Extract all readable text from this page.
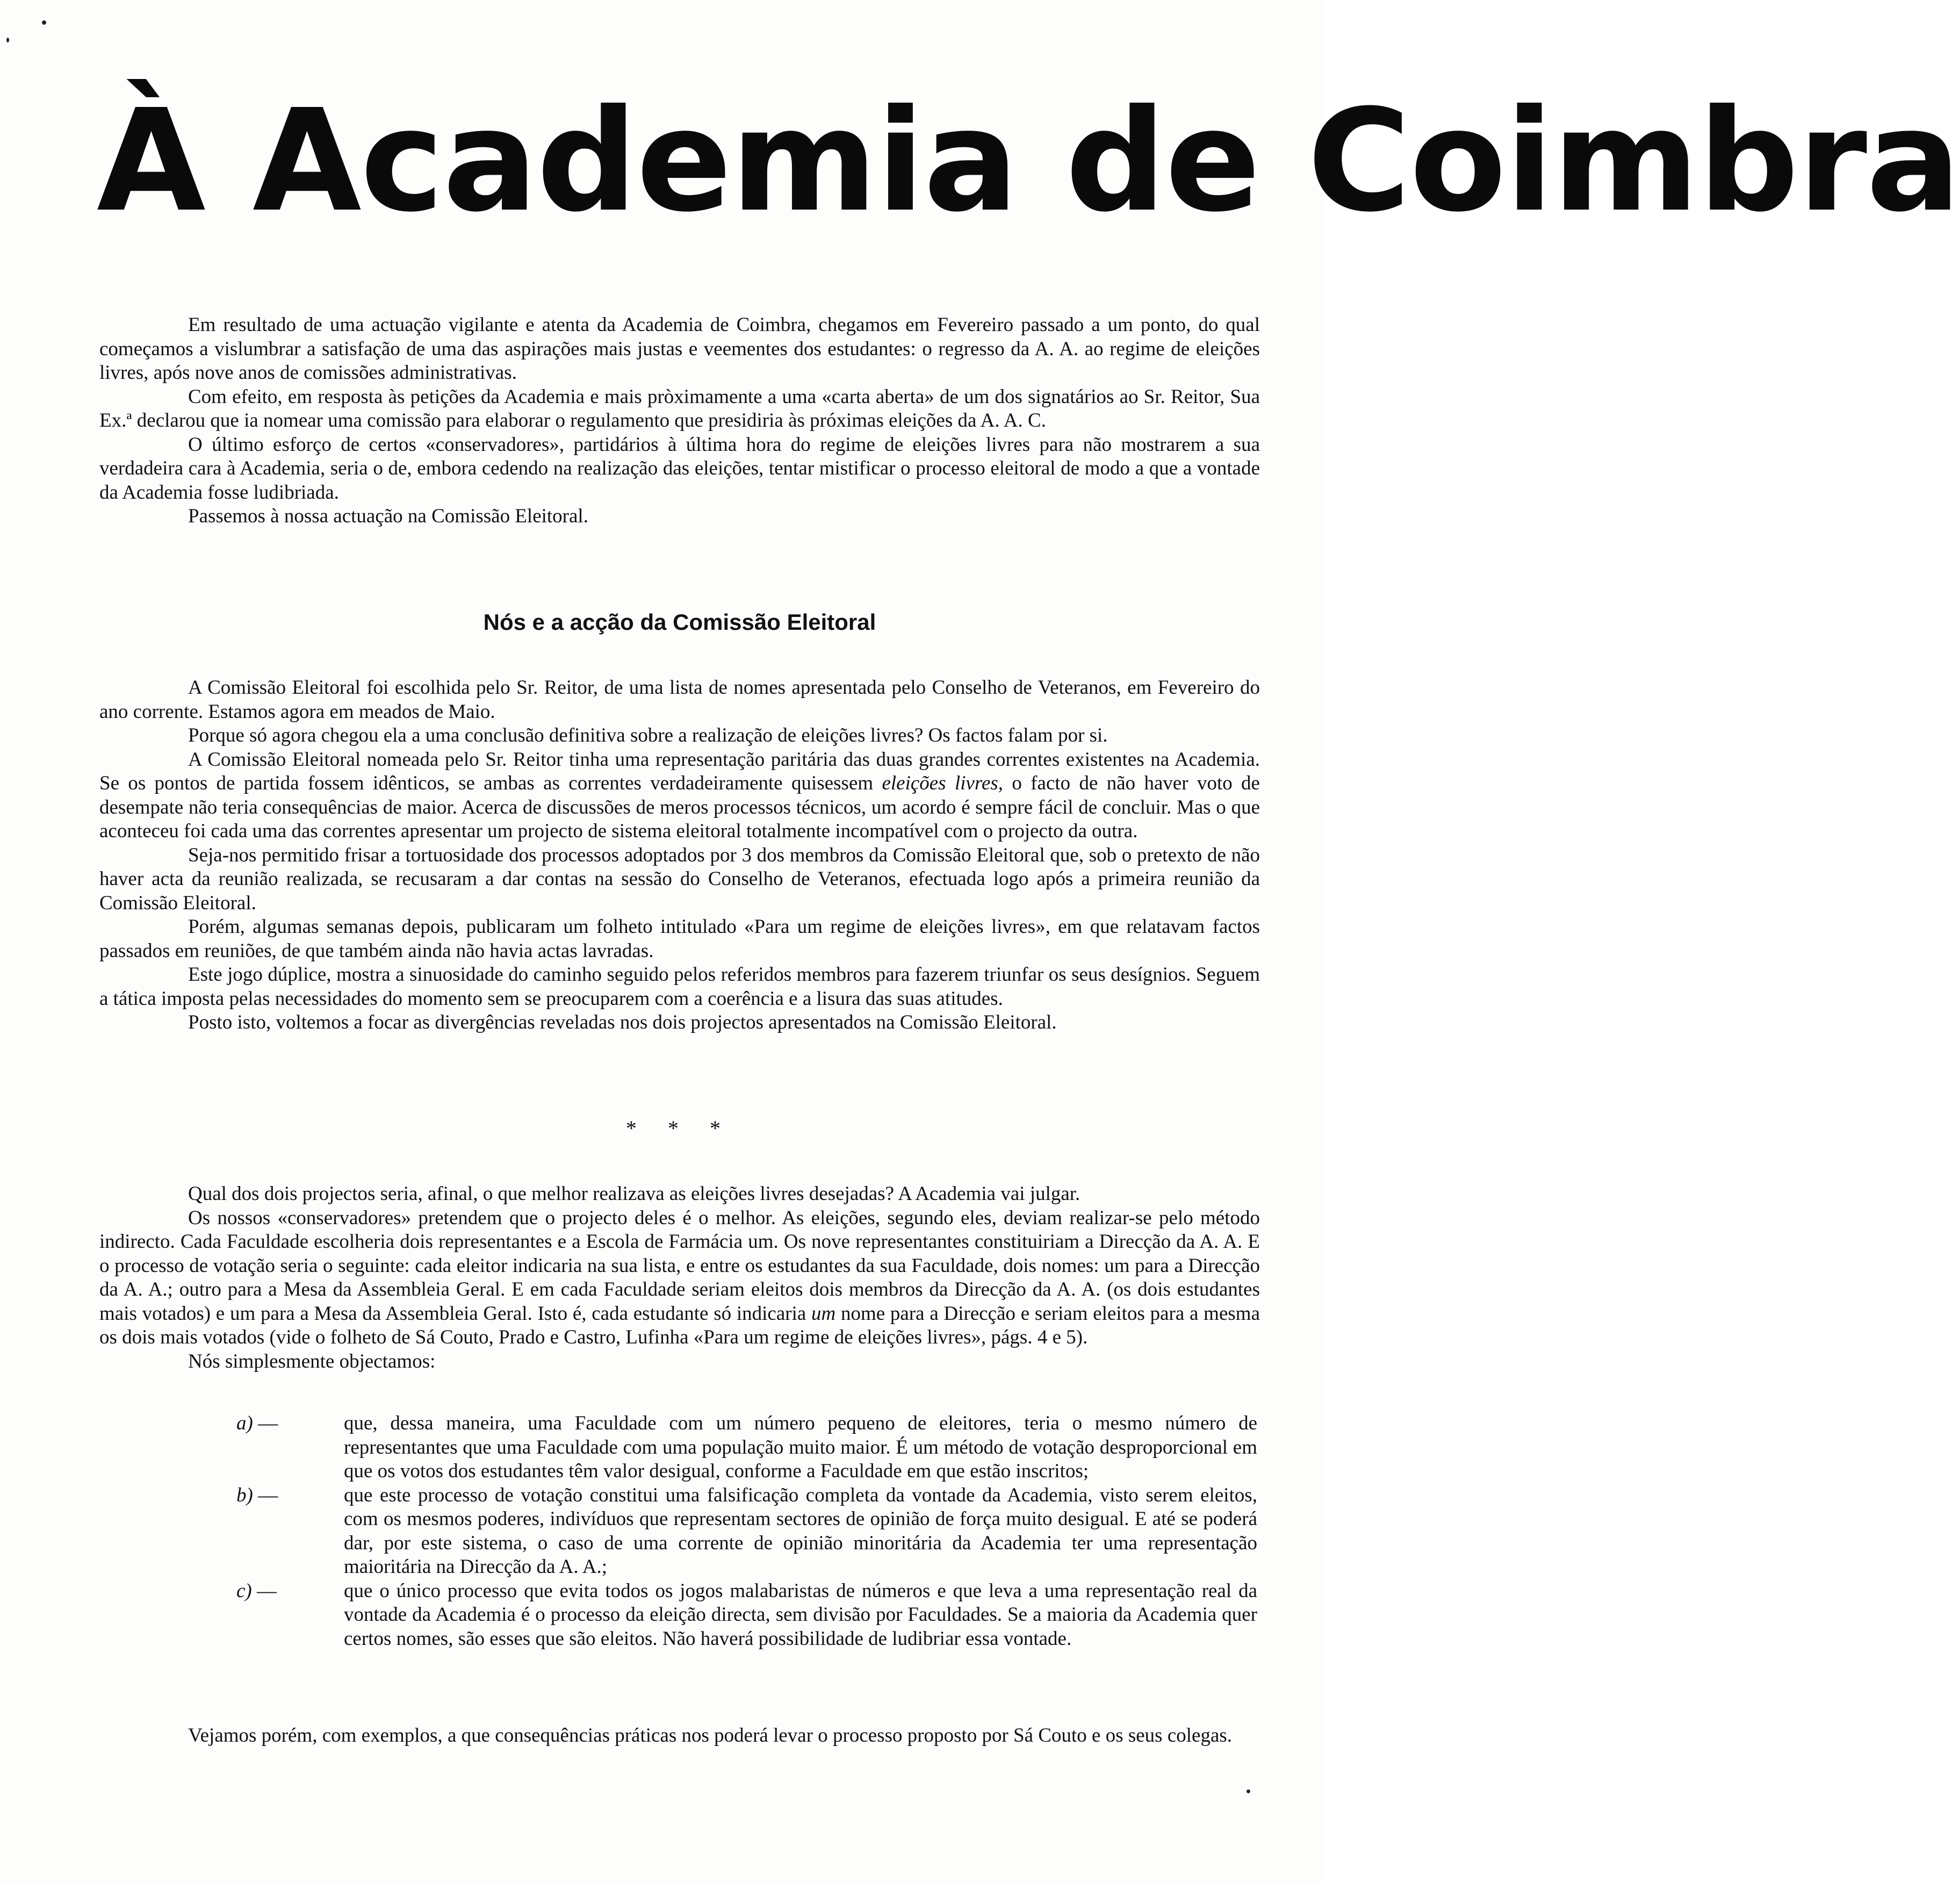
À Academia de Coimbra

Em resultado de uma actuação vigilante e atenta da Academia de Coimbra, chegamos em Fevereiro passado a um ponto, do qual começamos a vislumbrar a satisfação de uma das aspirações mais justas e veementes dos estudantes: o regresso da A. A. ao regime de eleições livres, após nove anos de comissões administrativas.

Com efeito, em resposta às petições da Academia e mais pròximamente a uma «carta aberta» de um dos signatários ao Sr. Reitor, Sua Ex.ª declarou que ia nomear uma comissão para elaborar o regulamento que presidiria às próximas eleições da A. A. C.

O último esforço de certos «conservadores», partidários à última hora do regime de eleições livres para não mostrarem a sua verdadeira cara à Academia, seria o de, embora cedendo na realização das eleições, tentar mistificar o processo eleitoral de modo a que a vontade da Academia fosse ludibriada.

Passemos à nossa actuação na Comissão Eleitoral.

Nós e a acção da Comissão Eleitoral

A Comissão Eleitoral foi escolhida pelo Sr. Reitor, de uma lista de nomes apresentada pelo Conselho de Veteranos, em Fevereiro do ano corrente. Estamos agora em meados de Maio.

Porque só agora chegou ela a uma conclusão definitiva sobre a realização de eleições livres? Os factos falam por si.

A Comissão Eleitoral nomeada pelo Sr. Reitor tinha uma representação paritária das duas grandes correntes existentes na Academia. Se os pontos de partida fossem idênticos, se ambas as correntes verdadeiramente quisessem eleições livres, o facto de não haver voto de desempate não teria consequências de maior. Acerca de discussões de meros processos técnicos, um acordo é sempre fácil de concluir. Mas o que aconteceu foi cada uma das correntes apresentar um projecto de sistema eleitoral totalmente incompatível com o projecto da outra.

Seja-nos permitido frisar a tortuosidade dos processos adoptados por 3 dos membros da Comissão Eleitoral que, sob o pretexto de não haver acta da reunião realizada, se recusaram a dar contas na sessão do Conselho de Veteranos, efectuada logo após a primeira reunião da Comissão Eleitoral.

Porém, algumas semanas depois, publicaram um folheto intitulado «Para um regime de eleições livres», em que relatavam factos passados em reuniões, de que também ainda não havia actas lavradas.

Este jogo dúplice, mostra a sinuosidade do caminho seguido pelos referidos membros para fazerem triunfar os seus desígnios. Seguem a tática imposta pelas necessidades do momento sem se preocuparem com a coerência e a lisura das suas atitudes.

Posto isto, voltemos a focar as divergências reveladas nos dois projectos apresentados na Comissão Eleitoral.

* * *

Qual dos dois projectos seria, afinal, o que melhor realizava as eleições livres desejadas? A Academia vai julgar.

Os nossos «conservadores» pretendem que o projecto deles é o melhor. As eleições, segundo eles, deviam realizar-se pelo método indirecto. Cada Faculdade escolheria dois representantes e a Escola de Farmácia um. Os nove representantes constituiriam a Direcção da A. A. E o processo de votação seria o seguinte: cada eleitor indicaria na sua lista, e entre os estudantes da sua Faculdade, dois nomes: um para a Direcção da A. A.; outro para a Mesa da Assembleia Geral. E em cada Faculdade seriam eleitos dois membros da Direcção da A. A. (os dois estudantes mais votados) e um para a Mesa da Assembleia Geral. Isto é, cada estudante só indicaria um nome para a Direcção e seriam eleitos para a mesma os dois mais votados (vide o folheto de Sá Couto, Prado e Castro, Lufinha «Para um regime de eleições livres», págs. 4 e 5).

Nós simplesmente objectamos:

a) —	que, dessa maneira, uma Faculdade com um número pequeno de eleitores, teria o mesmo número de representantes que uma Faculdade com uma população muito maior. É um método de votação desproporcional em que os votos dos estudantes têm valor desigual, conforme a Faculdade em que estão inscritos;

b) —	que este processo de votação constitui uma falsificação completa da vontade da Academia, visto serem eleitos, com os mesmos poderes, indivíduos que representam sectores de opinião de força muito desigual. E até se poderá dar, por este sistema, o caso de uma corrente de opinião minoritária da Academia ter uma representação maioritária na Direcção da A. A.;

c) —	que o único processo que evita todos os jogos malabaristas de números e que leva a uma representação real da vontade da Academia é o processo da eleição directa, sem divisão por Faculdades. Se a maioria da Academia quer certos nomes, são esses que são eleitos. Não haverá possibilidade de ludibriar essa vontade.

Vejamos porém, com exemplos, a que consequências práticas nos poderá levar o processo proposto por Sá Couto e os seus colegas.
